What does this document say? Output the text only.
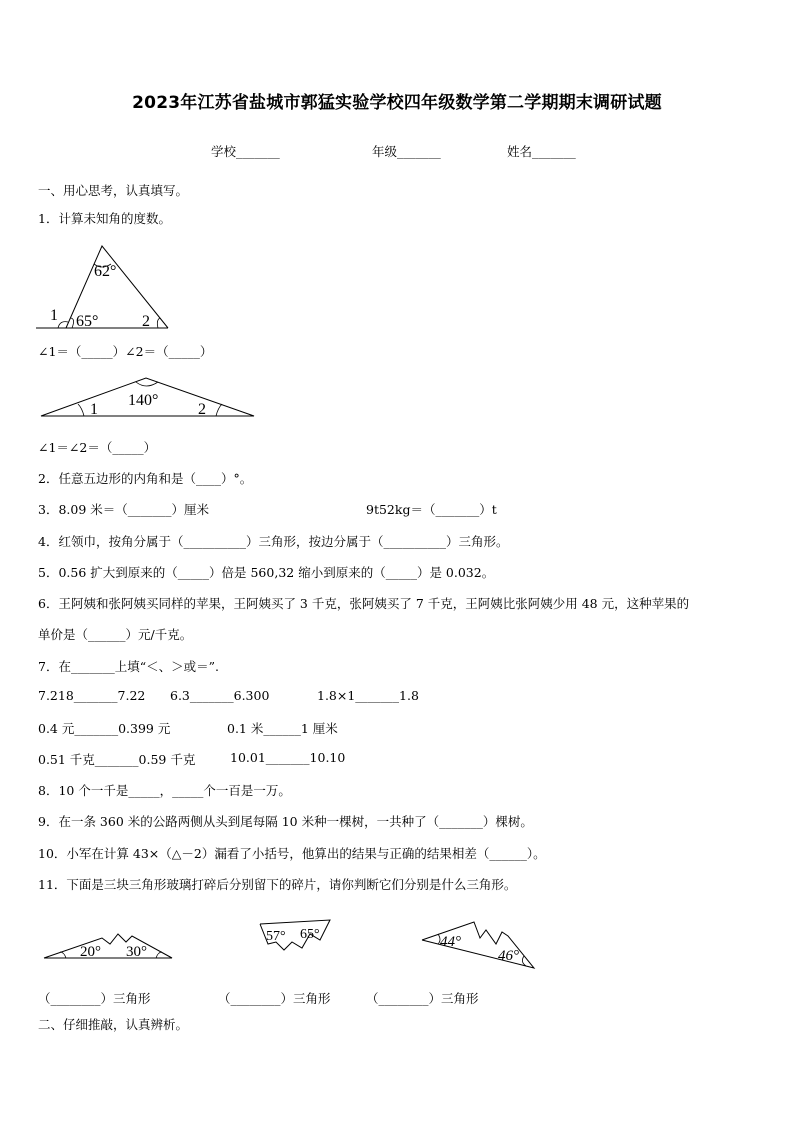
2023年江苏省盐城市郭猛实验学校四年级数学第二学期期末调研试题
学校_______	年级_______	姓名_______
一、用心思考，认真填写。
1．计算未知角的度数。
62°
1 65°	2
∠1＝（_____）∠2＝（_____）
140°
1	2
∠1＝∠2＝（_____）
2．任意五边形的内角和是（____）°。
3．8.09 米＝（_______）厘米	9t52kg＝（_______）t
4．红领巾，按角分属于（__________）三角形，按边分属于（__________）三角形。
5．0.56 扩大到原来的（_____）倍是 560,32 缩小到原来的（_____）是 0.032。
6．王阿姨和张阿姨买同样的苹果，王阿姨买了 3 千克，张阿姨买了 7 千克，王阿姨比张阿姨少用 48 元，这种苹果的
单价是（______）元/千克。
7．在_______上填“＜、＞或＝”.
7.218_______7.22 6.3_______6.300	1.8×1_______1.8
0.4 元_______0.399 元	0.1 米______1 厘米
0.51 千克_______0.59 千克	10.01_______10.10
8．10 个一千是_____，_____个一百是一万。
9．在一条 360 米的公路两侧从头到尾每隔 10 米种一棵树，一共种了（_______）棵树。
10．小军在计算 43×（△－2）漏看了小括号，他算出的结果与正确的结果相差（______）。
11．下面是三块三角形玻璃打碎后分别留下的碎片，请你判断它们分别是什么三角形。
20° 30°
57° 65°	44°
46°
（________）三角形	（________）三角形	（________）三角形
二、仔细推敲，认真辨析。
